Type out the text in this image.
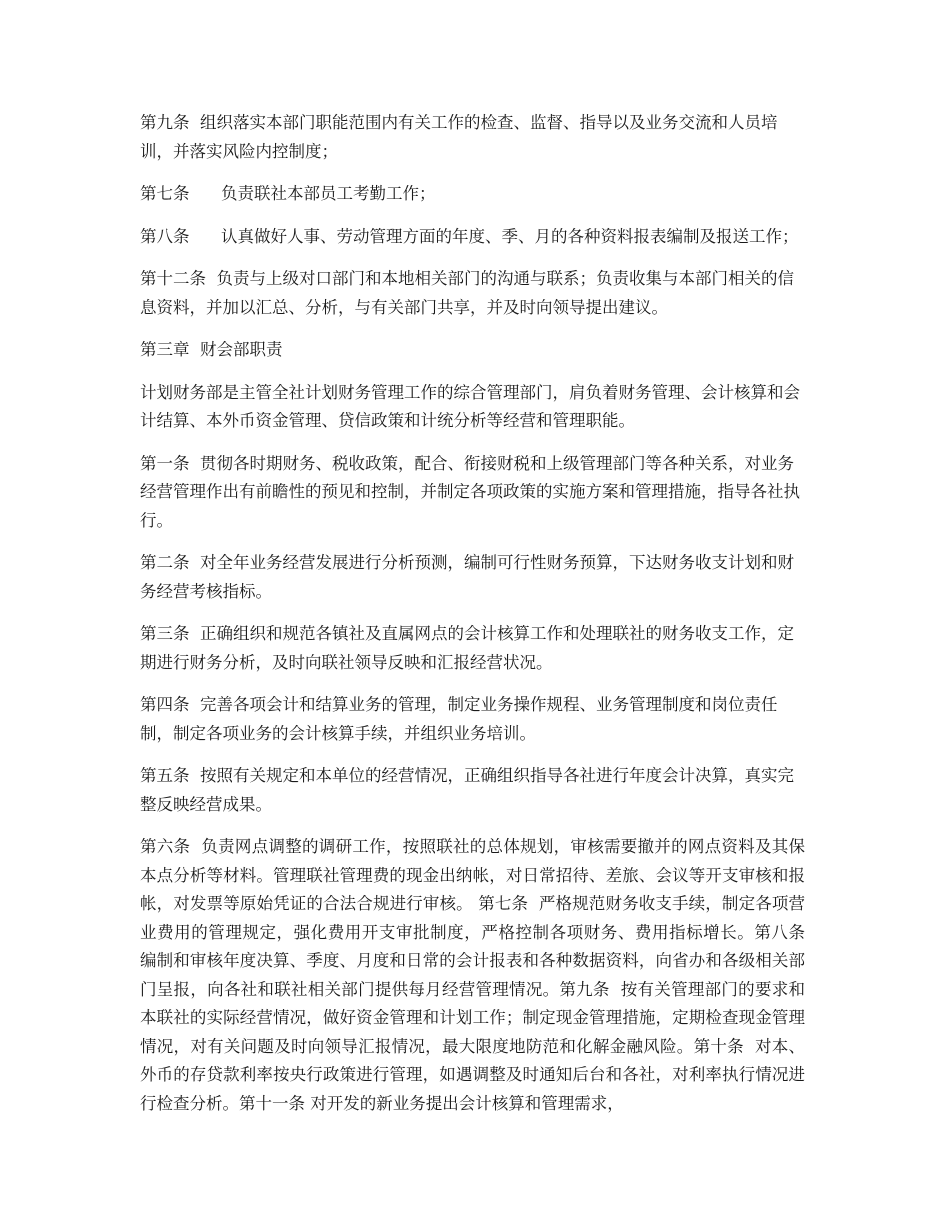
第九条  组织落实本部门职能范围内有关工作的检查、监督、指导以及业务交流和人员培训，并落实风险内控制度；

第七条      负责联社本部员工考勤工作；

第八条      认真做好人事、劳动管理方面的年度、季、月的各种资料报表编制及报送工作；

第十二条  负责与上级对口部门和本地相关部门的沟通与联系；负责收集与本部门相关的信息资料，并加以汇总、分析，与有关部门共享，并及时向领导提出建议。

第三章  财会部职责

计划财务部是主管全社计划财务管理工作的综合管理部门，肩负着财务管理、会计核算和会计结算、本外币资金管理、贷信政策和计统分析等经营和管理职能。

第一条  贯彻各时期财务、税收政策，配合、衔接财税和上级管理部门等各种关系，对业务经营管理作出有前瞻性的预见和控制，并制定各项政策的实施方案和管理措施，指导各社执行。

第二条  对全年业务经营发展进行分析预测，编制可行性财务预算，下达财务收支计划和财务经营考核指标。

第三条  正确组织和规范各镇社及直属网点的会计核算工作和处理联社的财务收支工作，定期进行财务分析，及时向联社领导反映和汇报经营状况。

第四条  完善各项会计和结算业务的管理，制定业务操作规程、业务管理制度和岗位责任制，制定各项业务的会计核算手续，并组织业务培训。

第五条  按照有关规定和本单位的经营情况，正确组织指导各社进行年度会计决算，真实完整反映经营成果。

第六条  负责网点调整的调研工作，按照联社的总体规划，审核需要撤并的网点资料及其保本点分析等材料。管理联社管理费的现金出纳帐，对日常招待、差旅、会议等开支审核和报帐，对发票等原始凭证的合法合规进行审核。 第七条  严格规范财务收支手续，制定各项营业费用的管理规定，强化费用开支审批制度，严格控制各项财务、费用指标增长。第八条  编制和审核年度决算、季度、月度和日常的会计报表和各种数据资料，向省办和各级相关部门呈报，向各社和联社相关部门提供每月经营管理情况。第九条  按有关管理部门的要求和本联社的实际经营情况，做好资金管理和计划工作；制定现金管理措施，定期检查现金管理情况，对有关问题及时向领导汇报情况，最大限度地防范和化解金融风险。第十条  对本、外币的存贷款利率按央行政策进行管理，如遇调整及时通知后台和各社，对利率执行情况进行检查分析。第十一条 对开发的新业务提出会计核算和管理需求，
